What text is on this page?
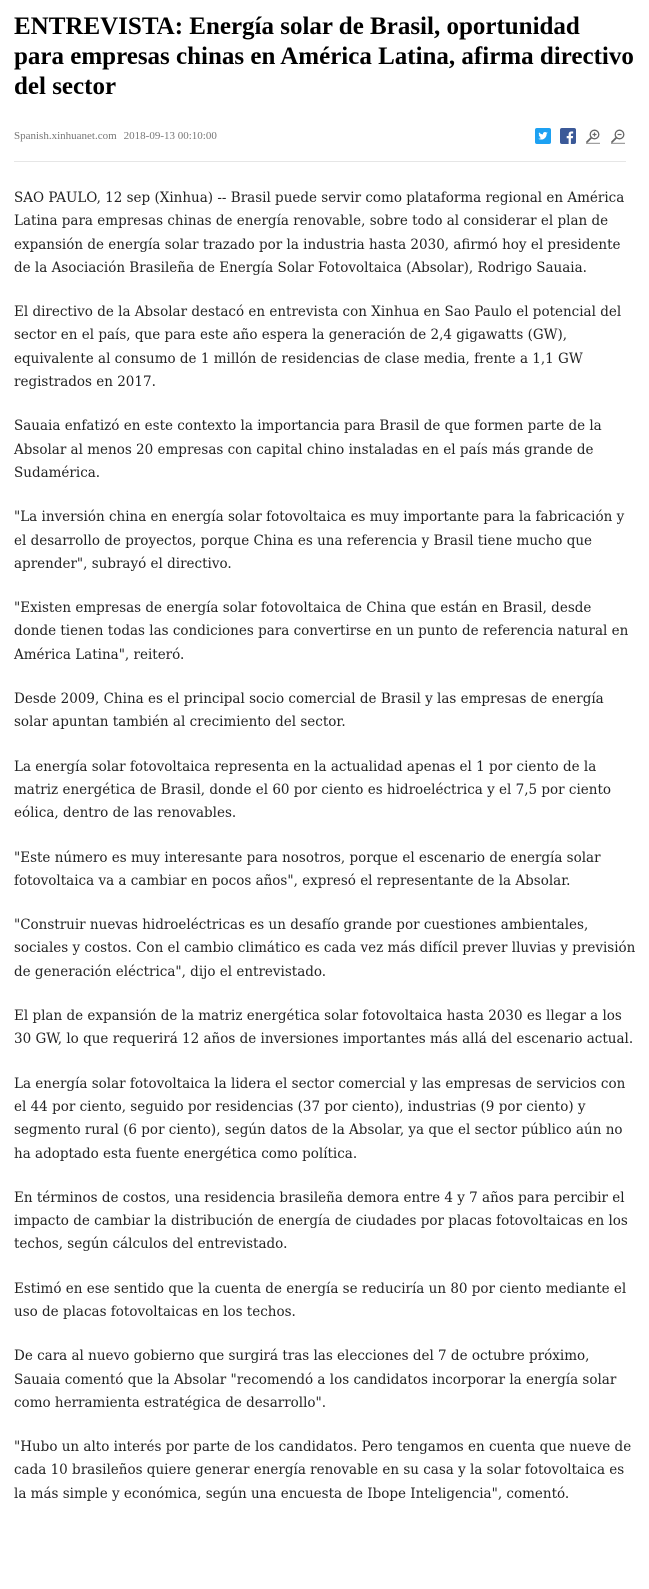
ENTREVISTA: Energía solar de Brasil, oportunidad para empresas chinas en América Latina, afirma directivo del sector
Spanish.xinhuanet.com 2018-09-13 00:10:00

SAO PAULO, 12 sep (Xinhua) -- Brasil puede servir como plataforma regional en América Latina para empresas chinas de energía renovable, sobre todo al considerar el plan de expansión de energía solar trazado por la industria hasta 2030, afirmó hoy el presidente de la Asociación Brasileña de Energía Solar Fotovoltaica (Absolar), Rodrigo Sauaia.

El directivo de la Absolar destacó en entrevista con Xinhua en Sao Paulo el potencial del sector en el país, que para este año espera la generación de 2,4 gigawatts (GW), equivalente al consumo de 1 millón de residencias de clase media, frente a 1,1 GW registrados en 2017.

Sauaia enfatizó en este contexto la importancia para Brasil de que formen parte de la Absolar al menos 20 empresas con capital chino instaladas en el país más grande de Sudamérica.

"La inversión china en energía solar fotovoltaica es muy importante para la fabricación y el desarrollo de proyectos, porque China es una referencia y Brasil tiene mucho que aprender", subrayó el directivo.

"Existen empresas de energía solar fotovoltaica de China que están en Brasil, desde donde tienen todas las condiciones para convertirse en un punto de referencia natural en América Latina", reiteró.

Desde 2009, China es el principal socio comercial de Brasil y las empresas de energía solar apuntan también al crecimiento del sector.

La energía solar fotovoltaica representa en la actualidad apenas el 1 por ciento de la matriz energética de Brasil, donde el 60 por ciento es hidroeléctrica y el 7,5 por ciento eólica, dentro de las renovables.

"Este número es muy interesante para nosotros, porque el escenario de energía solar fotovoltaica va a cambiar en pocos años", expresó el representante de la Absolar.

"Construir nuevas hidroeléctricas es un desafío grande por cuestiones ambientales, sociales y costos. Con el cambio climático es cada vez más difícil prever lluvias y previsión de generación eléctrica", dijo el entrevistado.

El plan de expansión de la matriz energética solar fotovoltaica hasta 2030 es llegar a los 30 GW, lo que requerirá 12 años de inversiones importantes más allá del escenario actual.

La energía solar fotovoltaica la lidera el sector comercial y las empresas de servicios con el 44 por ciento, seguido por residencias (37 por ciento), industrias (9 por ciento) y segmento rural (6 por ciento), según datos de la Absolar, ya que el sector público aún no ha adoptado esta fuente energética como política.

En términos de costos, una residencia brasileña demora entre 4 y 7 años para percibir el impacto de cambiar la distribución de energía de ciudades por placas fotovoltaicas en los techos, según cálculos del entrevistado.

Estimó en ese sentido que la cuenta de energía se reduciría un 80 por ciento mediante el uso de placas fotovoltaicas en los techos.

De cara al nuevo gobierno que surgirá tras las elecciones del 7 de octubre próximo, Sauaia comentó que la Absolar "recomendó a los candidatos incorporar la energía solar como herramienta estratégica de desarrollo".

"Hubo un alto interés por parte de los candidatos. Pero tengamos en cuenta que nueve de cada 10 brasileños quiere generar energía renovable en su casa y la solar fotovoltaica es la más simple y económica, según una encuesta de Ibope Inteligencia", comentó.
